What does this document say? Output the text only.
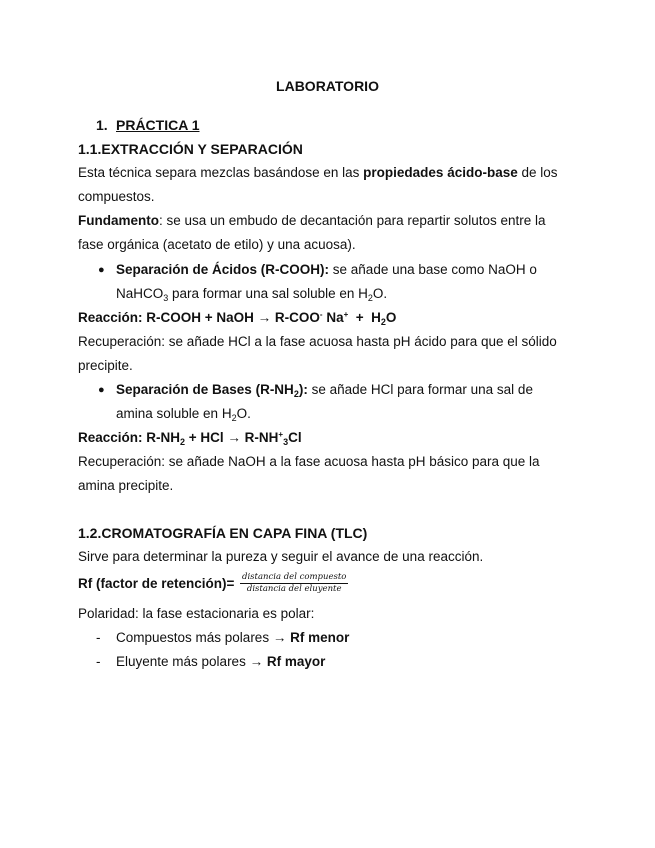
LABORATORIO
1. PRÁCTICA 1
1.1.EXTRACCIÓN Y SEPARACIÓN
Esta técnica separa mezclas basándose en las propiedades ácido-base de los
compuestos.
Fundamento: se usa un embudo de decantación para repartir solutos entre la
fase orgánica (acetato de etilo) y una acuosa).
● Separación de Ácidos (R-COOH): se añade una base como NaOH o
NaHCO$_3$ para formar una sal soluble en $H_2O$.
Reacción: R-COOH + NaOH → R-COO- $Na^+ + H_2O$
Recuperación: se añade HCl a la fase acuosa hasta pH ácido para que el sólido
precipite.
● Separación de Bases $(R-NH_2)$: se añade HCl para formar una sal de
amina soluble en $H_2O$.
Reacción: $R-NH_2$ + HCl → $R-NH^+_3Cl$
Recuperación: se añade NaOH a la fase acuosa hasta pH básico para que la
amina precipite.
1.2.CROMATOGRAFÍA EN CAPA FINA (TLC)
Sirve para determinar la pureza y seguir el avance de una reacción.
Rf (factor de retención)= distancia del compuesto
distancia del eluyente
Polaridad: la fase estacionaria es polar:
- Compuestos más polares → Rf menor
- Eluyente más polares → Rf mayor
